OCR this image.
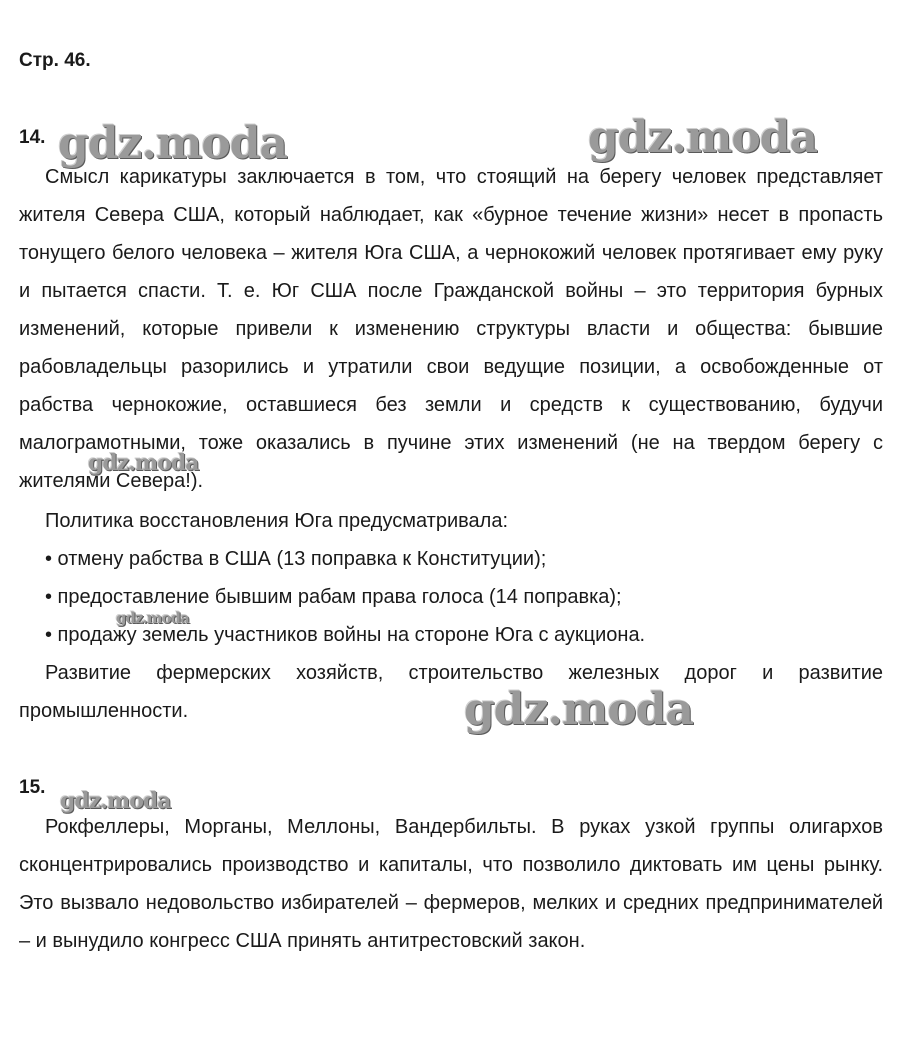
Стр. 46.
14.

Смысл карикатуры заключается в том, что стоящий на берегу человек представляет жителя Севера США, который наблюдает, как «бурное течение жизни» несет в пропасть тонущего белого человека – жителя Юга США, а чернокожий человек протягивает ему руку и пытается спасти. Т. е. Юг США после Гражданской войны – это территория бурных изменений, которые привели к изменению структуры власти и общества: бывшие рабовладельцы разорились и утратили свои ведущие позиции, а освобожденные от рабства чернокожие, оставшиеся без земли и средств к существованию, будучи малограмотными, тоже оказались в пучине этих изменений (не на твердом берегу с жителями Севера!).

Политика восстановления Юга предусматривала:
• отмену рабства в США (13 поправка к Конституции);
• предоставление бывшим рабам права голоса (14 поправка);
• продажу земель участников войны на стороне Юга с аукциона.

Развитие фермерских хозяйств, строительство железных дорог и развитие промышленности.

15.

Рокфеллеры, Морганы, Меллоны, Вандербильты. В руках узкой группы олигархов сконцентрировались производство и капиталы, что позволило диктовать им цены рынку. Это вызвало недовольство избирателей – фермеров, мелких и средних предпринимателей – и вынудило конгресс США принять антитрестовский закон.

gdz.moda	gdz.moda
gdz.moda
gdz.moda
gdz.moda
gdz.moda
